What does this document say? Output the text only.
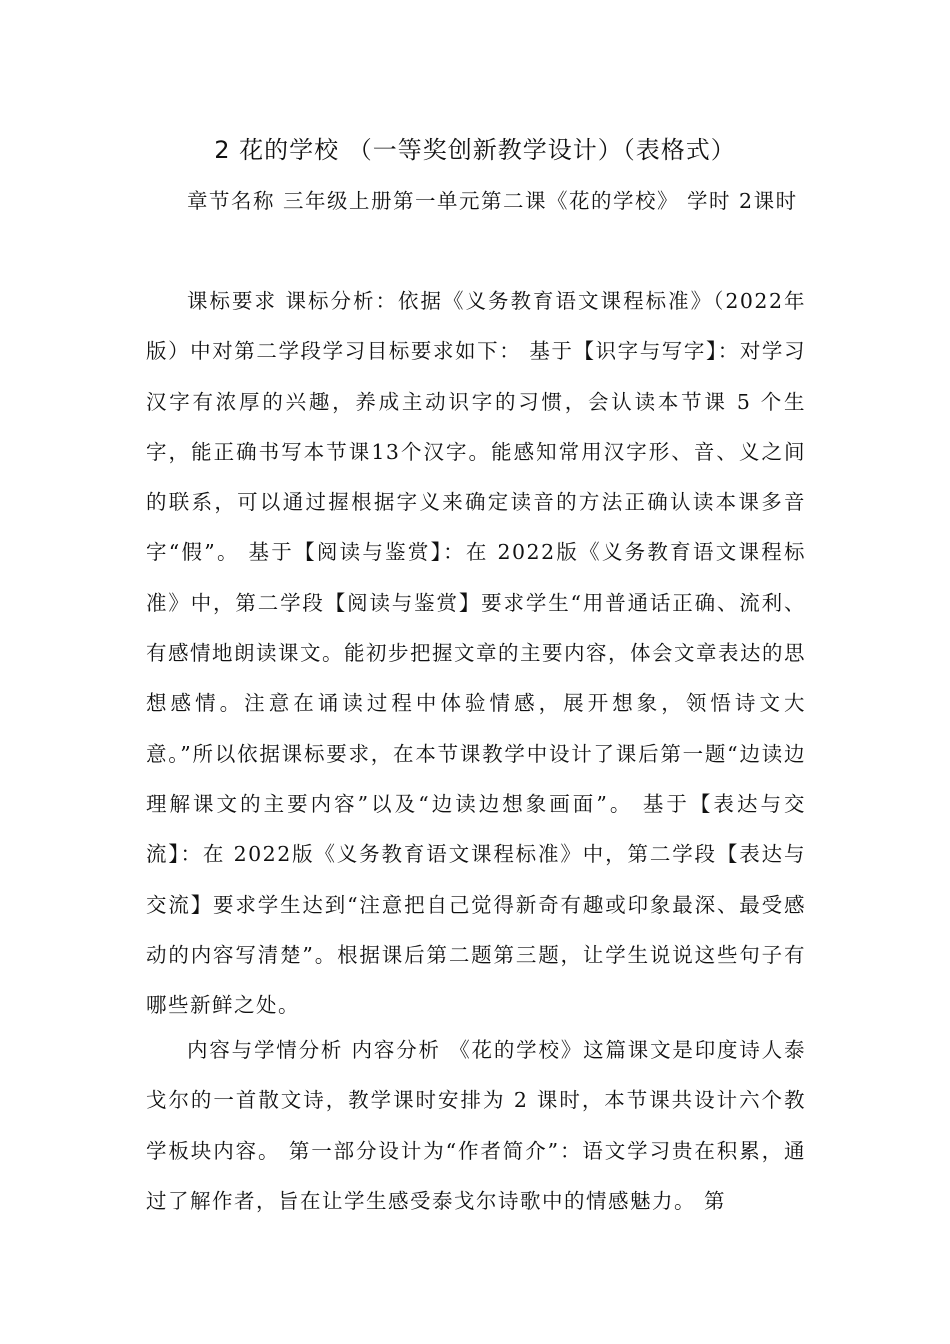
2 花的学校 （一等奖创新教学设计）（表格式）

章节名称 三年级上册第一单元第二课《花的学校》 学时 2课时

课标要求 课标分析：依据《义务教育语文课程标准》（2022年版）中对第二学段学习目标要求如下： 基于【识字与写字】：对学习汉字有浓厚的兴趣，养成主动识字的习惯，会认读本节课 5 个生字，能正确书写本节课13个汉字。能感知常用汉字形、音、义之间的联系，可以通过握根据字义来确定读音的方法正确认读本课多音字“假”。 基于【阅读与鉴赏】：在 2022版《义务教育语文课程标准》中，第二学段【阅读与鉴赏】要求学生“用普通话正确、流利、有感情地朗读课文。能初步把握文章的主要内容，体会文章表达的思想感情。注意在诵读过程中体验情感，展开想象，领悟诗文大意。”所以依据课标要求，在本节课教学中设计了课后第一题“边读边理解课文的主要内容”以及“边读边想象画面”。 基于【表达与交流】：在 2022版《义务教育语文课程标准》中，第二学段【表达与交流】要求学生达到“注意把自己觉得新奇有趣或印象最深、最受感动的内容写清楚”。根据课后第二题第三题，让学生说说这些句子有哪些新鲜之处。

内容与学情分析 内容分析 《花的学校》这篇课文是印度诗人泰戈尔的一首散文诗，教学课时安排为 2 课时，本节课共设计六个教学板块内容。 第一部分设计为“作者简介”：语文学习贵在积累，通过了解作者，旨在让学生感受泰戈尔诗歌中的情感魅力。 第
